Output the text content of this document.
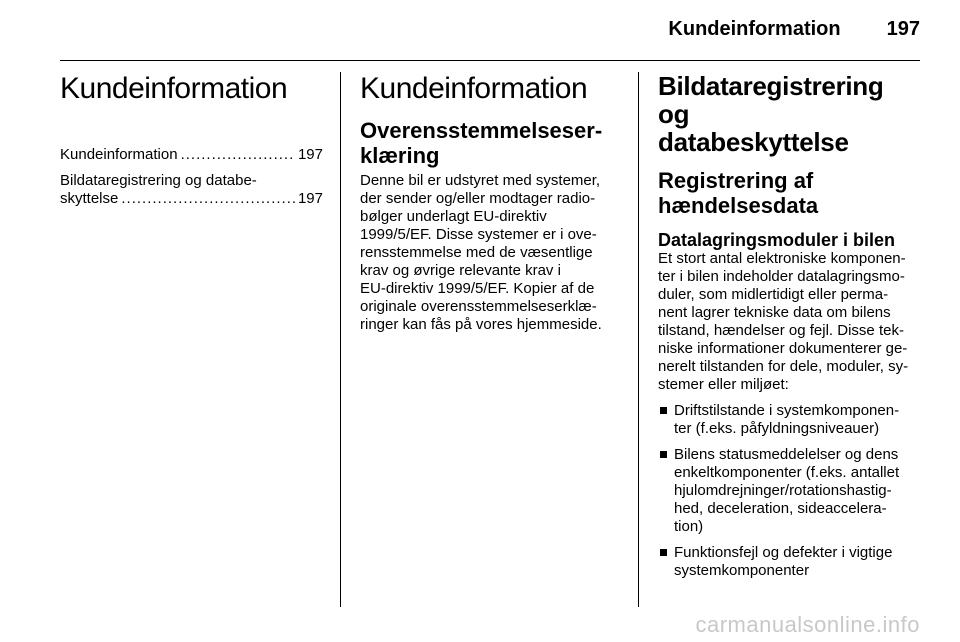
Kundeinformation 197
Kundeinformation
Kundeinformation .....	197
Bildataregistrering og databe-
skyttelse .....	197
Kundeinformation
Overensstemmelseser-
klæring

Denne bil er udstyret med systemer,
der sender og/eller modtager radio-
bølger underlagt EU-direktiv
1999/5/EF. Disse systemer er i ove-
rensstemmelse med de væsentlige
krav og øvrige relevante krav i
EU-direktiv 1999/5/EF. Kopier af de
originale overensstemmelseserklæ-
ringer kan fås på vores hjemmeside.

Bildataregistrering og
databeskyttelse
Registrering af
hændelsesdata
Datalagringsmoduler i bilen

Et stort antal elektroniske komponen-
ter i bilen indeholder datalagringsmo-
duler, som midlertidigt eller perma-
nent lagrer tekniske data om bilens
tilstand, hændelser og fejl. Disse tek-
niske informationer dokumenterer ge-
nerelt tilstanden for dele, moduler, sy-
stemer eller miljøet:

Driftstilstande i systemkomponen-
ter (f.eks. påfyldningsniveauer)
Bilens statusmeddelelser og dens
enkeltkomponenter (f.eks. antallet
hjulomdrejninger/rotationshastig-
hed, deceleration, sideaccelera-
tion)
Funktionsfejl og defekter i vigtige
systemkomponenter
carmanualsonline.info
